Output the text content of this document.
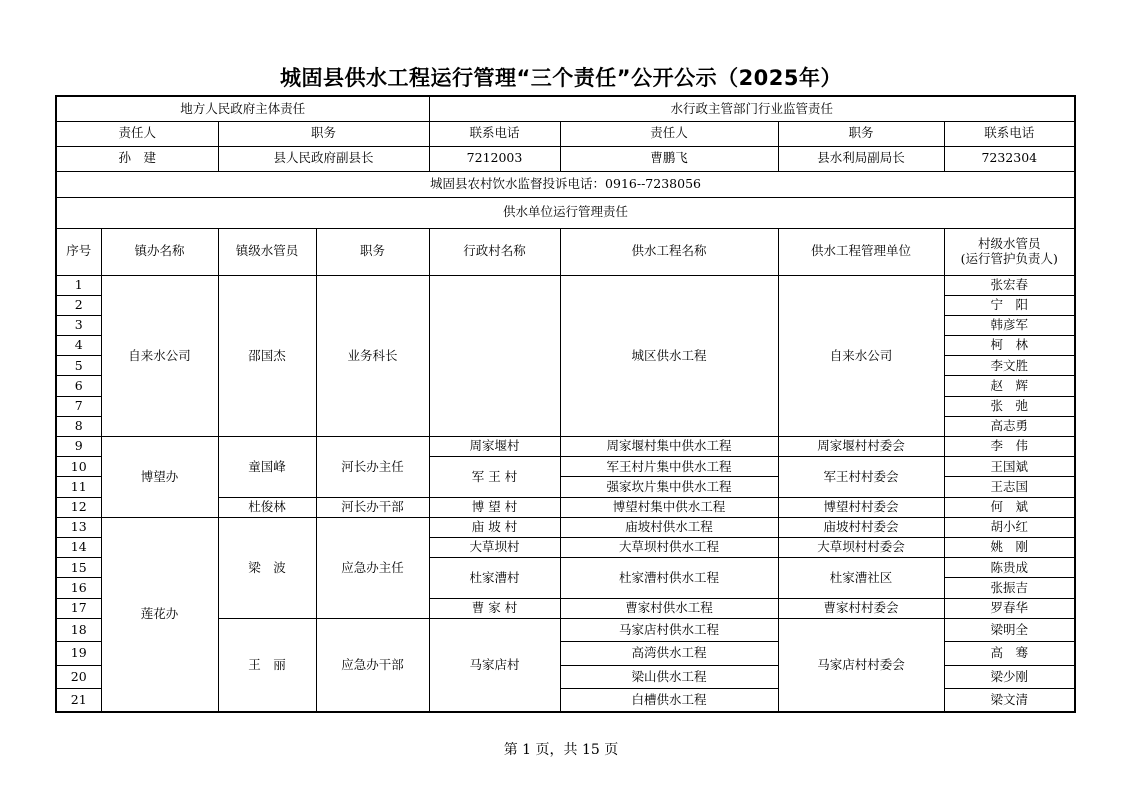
城固县供水工程运行管理“三个责任”公开公示（2025年）
地方人民政府主体责任				水行政主管部门行业监管责任			
责任人		职务		联系电话	责任人	职务	联系电话
孙　建		县人民政府副县长		7212003	曹鹏飞	县水利局副局长	7232304
城固县农村饮水监督投诉电话：0916--7238056							
供水单位运行管理责任							
序号	镇办名称	镇级水管员	职务	行政村名称	供水工程名称	供水工程管理单位	村级水管员
(运行管护负责人)

1	自来水公司	邵国杰	业务科长		城区供水工程	自来水公司	张宏春
2							宁　阳
3							韩彦军
4							柯　林
5							李文胜
6							赵　辉
7							张　弛
8							高志勇
9	博望办	童国峰	河长办主任	周家堰村	周家堰村集中供水工程	周家堰村村委会	李　伟
10				军 王 村	军王村片集中供水工程	军王村村委会	王国斌
11					强家坎片集中供水工程		王志国
12		杜俊林	河长办干部	博 望 村	博望村集中供水工程	博望村村委会	何　斌
13	莲花办	梁　波	应急办主任	庙 坡 村	庙坡村供水工程	庙坡村村委会	胡小红
14				大草坝村	大草坝村供水工程	大草坝村村委会	姚　刚
15				杜家漕村	杜家漕村供水工程	杜家漕社区	陈贵成
16							张振吉
17				曹 家 村	曹家村供水工程	曹家村村委会	罗春华
18		王　丽	应急办干部	马家店村	马家店村供水工程	马家店村村委会	梁明全
19					高湾供水工程		高　骞
20					梁山供水工程		梁少刚
21					白槽供水工程		梁文清
第 1 页，共 15 页
